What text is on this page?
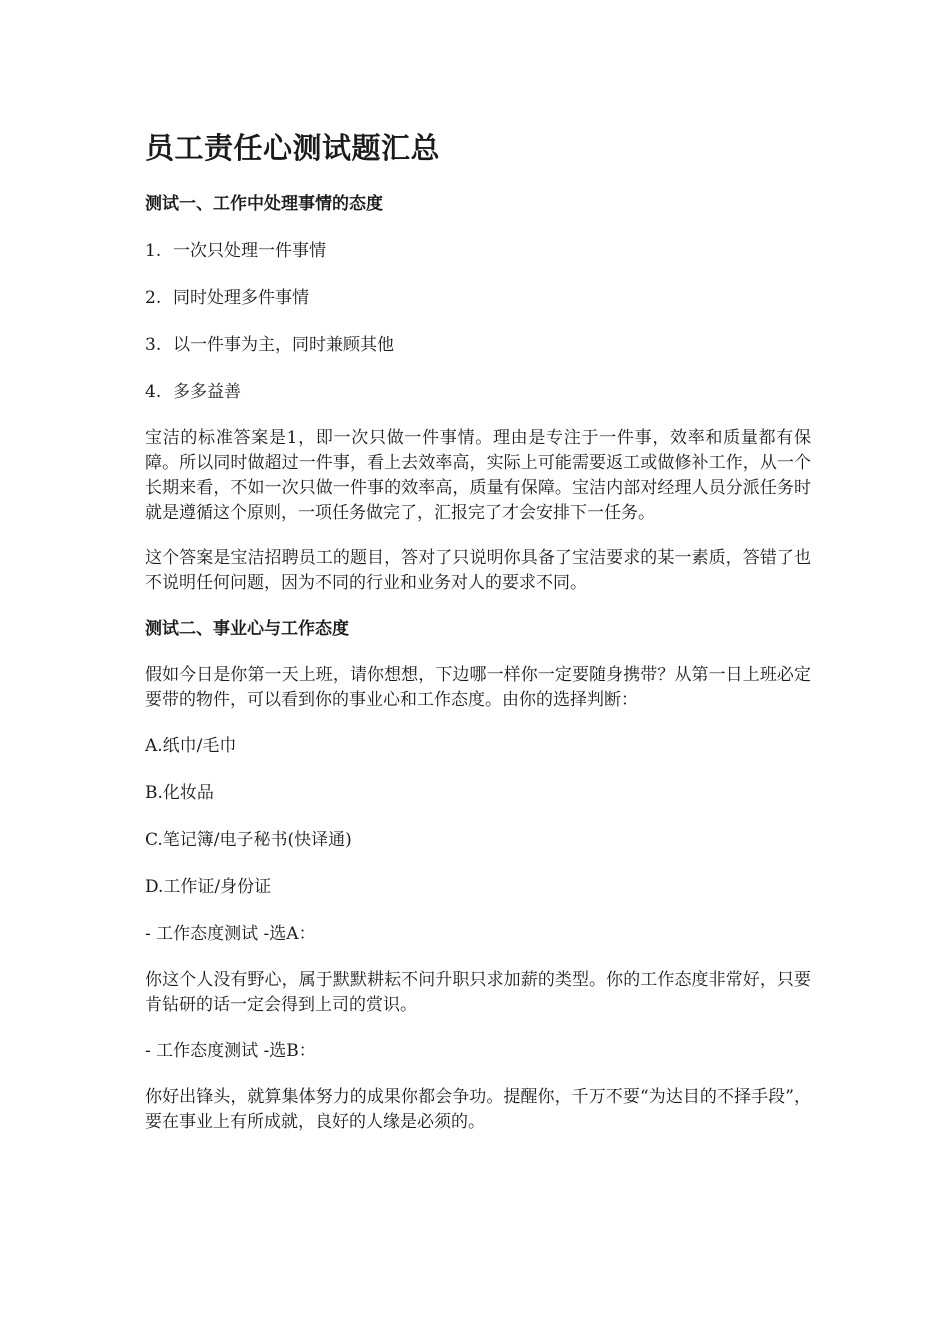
员工责任心测试题汇总
测试一、工作中处理事情的态度
1. 一次只处理一件事情
2. 同时处理多件事情
3. 以一件事为主，同时兼顾其他
4. 多多益善

宝洁的标准答案是1，即一次只做一件事情。理由是专注于一件事，效率和质量都有保障。所以同时做超过一件事，看上去效率高，实际上可能需要返工或做修补工作，从一个长期来看，不如一次只做一件事的效率高，质量有保障。宝洁内部对经理人员分派任务时就是遵循这个原则，一项任务做完了，汇报完了才会安排下一任务。

这个答案是宝洁招聘员工的题目，答对了只说明你具备了宝洁要求的某一素质，答错了也不说明任何问题，因为不同的行业和业务对人的要求不同。

测试二、事业心与工作态度

假如今日是你第一天上班，请你想想，下边哪一样你一定要随身携带？从第一日上班必定要带的物件，可以看到你的事业心和工作态度。由你的选择判断：

A.纸巾/毛巾
B.化妆品
C.笔记簿/电子秘书(快译通)
D.工作证/身份证
- 工作态度测试 -选A：

你这个人没有野心，属于默默耕耘不问升职只求加薪的类型。你的工作态度非常好，只要肯钻研的话一定会得到上司的赏识。

- 工作态度测试 -选B：

你好出锋头，就算集体努力的成果你都会争功。提醒你，千万不要“为达目的不择手段”，要在事业上有所成就，良好的人缘是必须的。
